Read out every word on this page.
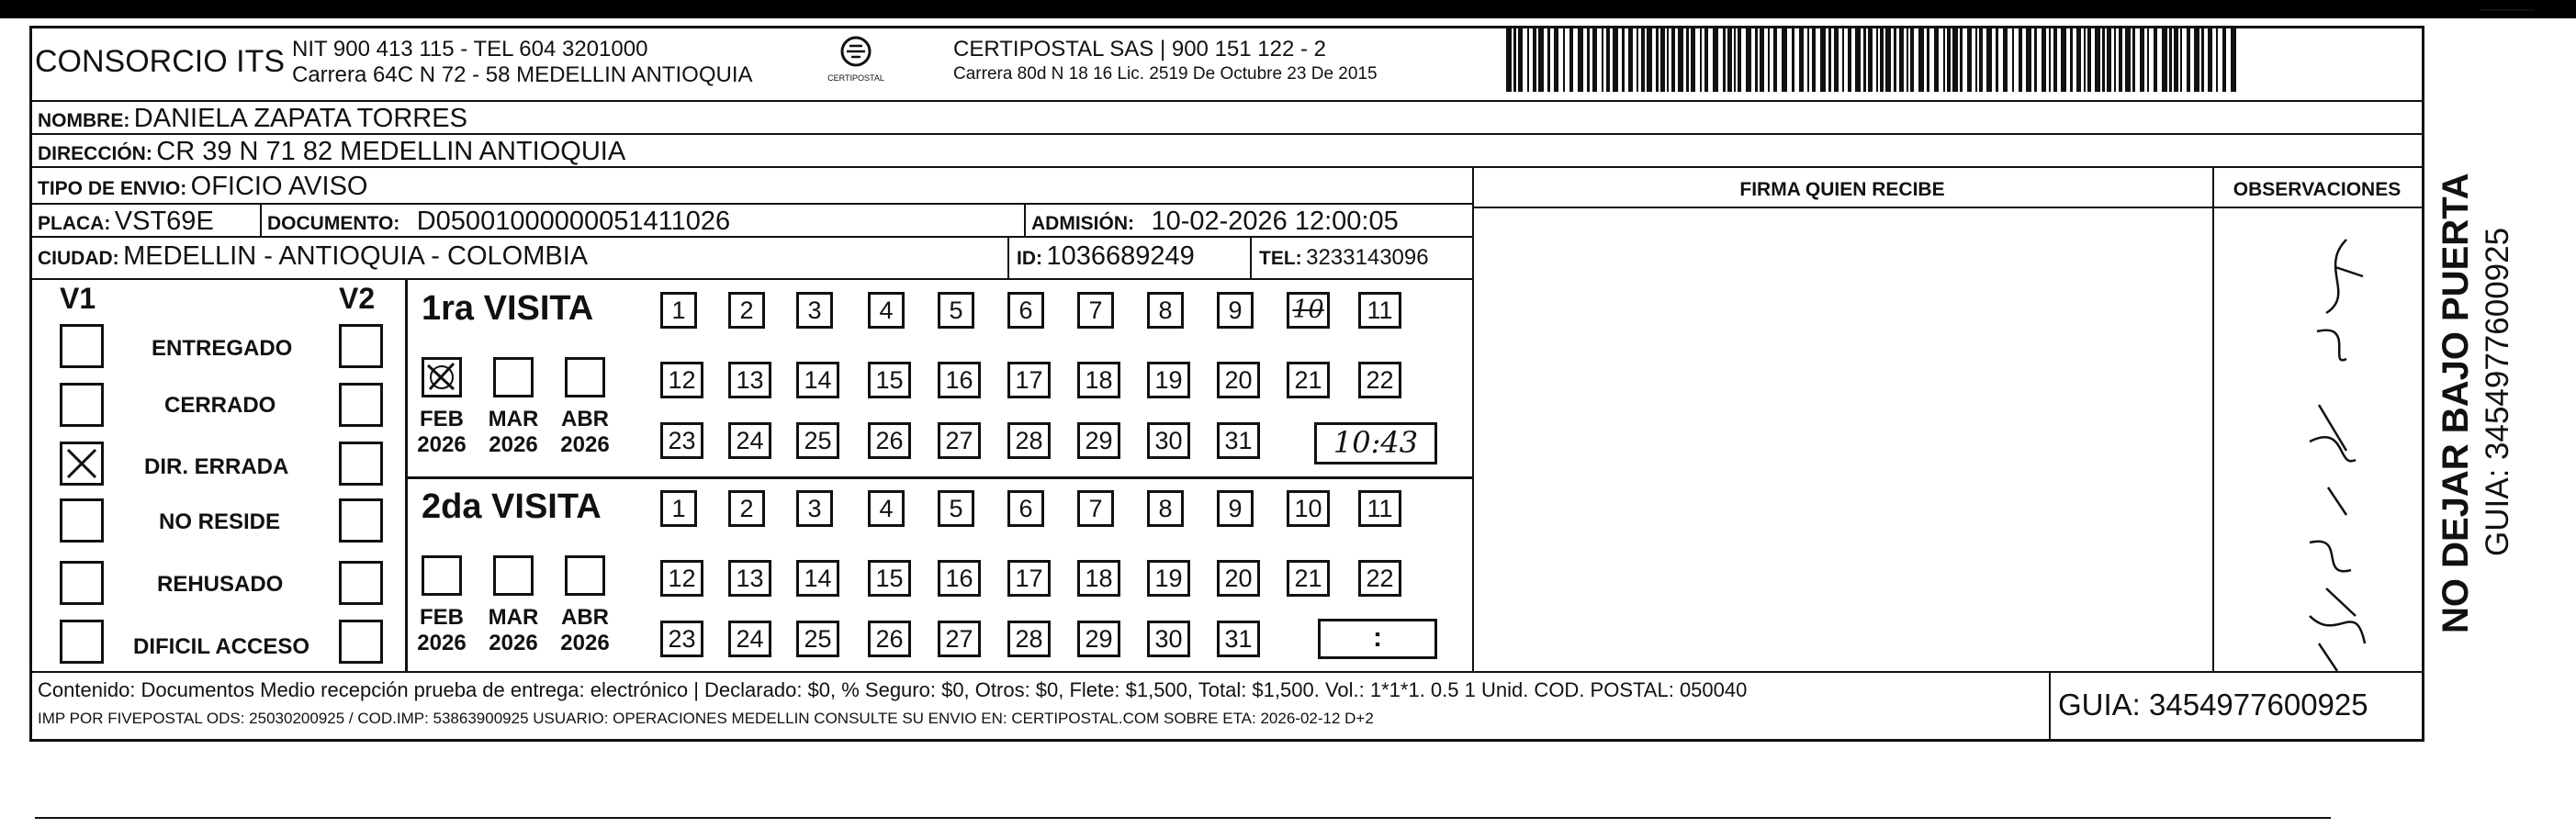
CONSORCIO ITS NIT 900 413 115 - TEL 604 3201000
Carrera 64C N 72 - 58 MEDELLIN ANTIOQUIA	CERTIPOSTAL
CERTIPOSTAL SAS | 900 151 122 - 2
Carrera 80d N 18 16 Lic. 2519 De Octubre 23 De 2015
NOMBRE: DANIELA ZAPATA TORRES
DIRECCIÓN: CR 39 N 71 82 MEDELLIN ANTIOQUIA
TIPO DE ENVIO: OFICIO AVISO	FIRMA QUIEN RECIBE	OBSERVACIONES
PLACA: VST69E	DOCUMENTO: D05001000000051411026	ADMISIÓN: 10-02-2026 12:00:05
CIUDAD: MEDELLIN - ANTIOQUIA - COLOMBIA	ID: 1036689249	TEL: 3233143096
V1	V2
ENTREGADO
CERRADO
DIR. ERRADA
NO RESIDE
REHUSADO
DIFICIL ACCESO
1ra VISITA
FEB
2026
MAR
2026
ABR
2026
1	2	3	4	5	6	7	8	9	10	11
12	13	14	15	16	17	18	19	20	21	22
23	24	25	26	27	28	29	30	31	10:43
2da VISITA
FEB
2026
MAR
2026
ABR
2026
1	2	3	4	5	6	7	8	9	10	11
12	13	14	15	16	17	18	19	20	21	22
23	24	25	26	27	28	29	30	31	:
Contenido: Documentos Medio recepción prueba de entrega: electrónico | Declarado: $0, % Seguro: $0, Otros: $0, Flete: $1,500, Total: $1,500. Vol.: 1*1*1. 0.5 1 Unid. COD. POSTAL: 050040
IMP POR FIVEPOSTAL ODS: 25030200925 / COD.IMP: 53863900925 USUARIO: OPERACIONES MEDELLIN CONSULTE SU ENVIO EN: CERTIPOSTAL.COM SOBRE ETA: 2026-02-12 D+2	GUIA: 3454977600925
NO DEJAR BAJO PUERTA GUIA: 3454977600925
